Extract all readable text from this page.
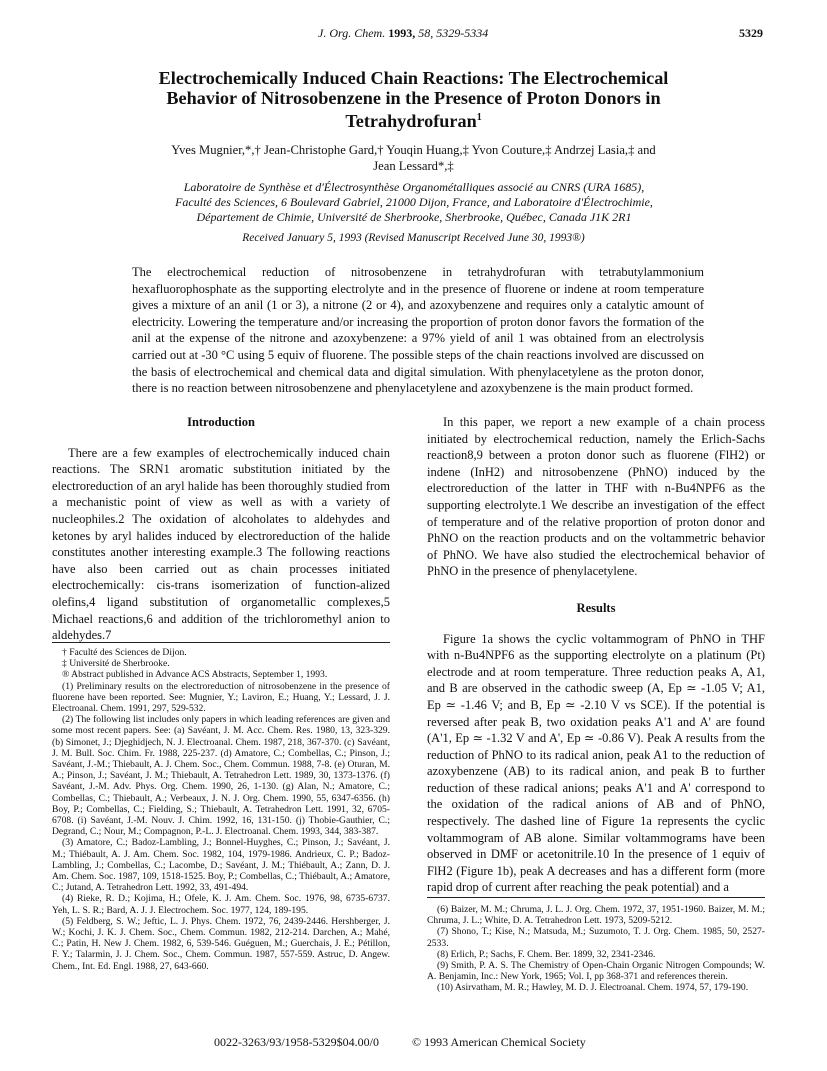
J. Org. Chem. 1993, 58, 5329-5334	5329
Electrochemically Induced Chain Reactions: The Electrochemical
Behavior of Nitrosobenzene in the Presence of Proton Donors in
Tetrahydrofuran$^1$
Yves Mugnier,*,† Jean-Christophe Gard,† Youqin Huang,‡ Yvon Couture,‡ Andrzej Lasia,‡ and
Jean Lessard*,‡
Laboratoire de Synthèse et d'Électrosynthèse Organométalliques associé au CNRS (URA 1685),
Faculté des Sciences, 6 Boulevard Gabriel, 21000 Dijon, France, and Laboratoire d'Électrochimie,
Département de Chimie, Université de Sherbrooke, Sherbrooke, Québec, Canada J1K 2R1
Received January 5, 1993 (Revised Manuscript Received June 30, 1993®)
The electrochemical reduction of nitrosobenzene in tetrahydrofuran with tetrabutylammonium hexafluorophosphate as the supporting electrolyte and in the presence of fluorene or indene at room temperature gives a mixture of an anil (1 or 3), a nitrone (2 or 4), and azoxybenzene and requires only a catalytic amount of electricity. Lowering the temperature and/or increasing the proportion of proton donor favors the formation of the anil at the expense of the nitrone and azoxybenzene: a 97% yield of anil 1 was obtained from an electrolysis carried out at -30 °C using 5 equiv of fluorene. The possible steps of the chain reactions involved are discussed on the basis of electrochemical and chemical data and digital simulation. With phenylacetylene as the proton donor, there is no reaction between nitrosobenzene and phenylacetylene and azoxybenzene is the main product formed.
Introduction

There are a few examples of electrochemically induced chain reactions. The SRN1 aromatic substitution initiated by the electroreduction of an aryl halide has been thoroughly studied from a mechanistic point of view as well as with a variety of nucleophiles.2 The oxidation of alcoholates to aldehydes and ketones by aryl halides induced by electroreduction of the halide constitutes another interesting example.3 The following reactions have also been carried out as chain processes initiated electrochemically: cis-trans isomerization of function-alized olefins,4 ligand substitution of organometallic complexes,5 Michael reactions,6 and addition of the trichloromethyl anion to aldehydes.7

† Faculté des Sciences de Dijon.

‡ Université de Sherbrooke.

® Abstract published in Advance ACS Abstracts, September 1, 1993.

(1) Preliminary results on the electroreduction of nitrosobenzene in the presence of fluorene have been reported. See: Mugnier, Y.; Laviron, E.; Huang, Y.; Lessard, J. J. Electroanal. Chem. 1991, 297, 529-532.

(2) The following list includes only papers in which leading references are given and some most recent papers. See: (a) Savéant, J. M. Acc. Chem. Res. 1980, 13, 323-329. (b) Simonet, J.; Djeghidjech, N. J. Electroanal. Chem. 1987, 218, 367-370. (c) Savéant, J. M. Bull. Soc. Chim. Fr. 1988, 225-237. (d) Amatore, C.; Combellas, C.; Pinson, J.; Savéant, J.-M.; Thiebault, A. J. Chem. Soc., Chem. Commun. 1988, 7-8. (e) Oturan, M. A.; Pinson, J.; Savéant, J. M.; Thiebault, A. Tetrahedron Lett. 1989, 30, 1373-1376. (f) Savéant, J.-M. Adv. Phys. Org. Chem. 1990, 26, 1-130. (g) Alan, N.; Amatore, C.; Combellas, C.; Thiebault, A.; Verbeaux, J. N. J. Org. Chem. 1990, 55, 6347-6356. (h) Boy, P.; Combellas, C.; Fielding, S.; Thiebault, A. Tetrahedron Lett. 1991, 32, 6705-6708. (i) Savéant, J.-M. Nouv. J. Chim. 1992, 16, 131-150. (j) Thobie-Gauthier, C.; Degrand, C.; Nour, M.; Compagnon, P.-L. J. Electroanal. Chem. 1993, 344, 383-387.

(3) Amatore, C.; Badoz-Lambling, J.; Bonnel-Huyghes, C.; Pinson, J.; Savéant, J. M.; Thiébault, A. J. Am. Chem. Soc. 1982, 104, 1979-1986. Andrieux, C. P.; Badoz-Lambling, J.; Combellas, C.; Lacombe, D.; Savéant, J. M.; Thiébault, A.; Zann, D. J. Am. Chem. Soc. 1987, 109, 1518-1525. Boy, P.; Combellas, C.; Thiébault, A.; Amatore, C.; Jutand, A. Tetrahedron Lett. 1992, 33, 491-494.

(4) Rieke, R. D.; Kojima, H.; Ofele, K. J. Am. Chem. Soc. 1976, 98, 6735-6737. Yeh, L. S. R.; Bard, A. J. J. Electrochem. Soc. 1977, 124, 189-195.

(5) Feldberg, S. W.; Jeftic, L. J. Phys. Chem. 1972, 76, 2439-2446. Hershberger, J. W.; Kochi, J. K. J. Chem. Soc., Chem. Commun. 1982, 212-214. Darchen, A.; Mahé, C.; Patin, H. New J. Chem. 1982, 6, 539-546. Guéguen, M.; Guerchais, J. E.; Pétillon, F. Y.; Talarmin, J. J. Chem. Soc., Chem. Commun. 1987, 557-559. Astruc, D. Angew. Chem., Int. Ed. Engl. 1988, 27, 643-660.

In this paper, we report a new example of a chain process initiated by electrochemical reduction, namely the Erlich-Sachs reaction8,9 between a proton donor such as fluorene (FlH2) or indene (InH2) and nitrosobenzene (PhNO) induced by the electroreduction of the latter in THF with n-Bu4NPF6 as the supporting electrolyte.1 We describe an investigation of the effect of temperature and of the relative proportion of proton donor and PhNO on the reaction products and on the voltammetric behavior of PhNO. We have also studied the electrochemical behavior of PhNO in the presence of phenylacetylene.

Results

Figure 1a shows the cyclic voltammogram of PhNO in THF with n-Bu4NPF6 as the supporting electrolyte on a platinum (Pt) electrode and at room temperature. Three reduction peaks A, A1, and B are observed in the cathodic sweep (A, Ep ≃ -1.05 V; A1, Ep ≃ -1.46 V; and B, Ep ≃ -2.10 V vs SCE). If the potential is reversed after peak B, two oxidation peaks A'1 and A' are found (A'1, Ep ≃ -1.32 V and A', Ep ≃ -0.86 V). Peak A results from the reduction of PhNO to its radical anion, peak A1 to the reduction of azoxybenzene (AB) to its radical anion, and peak B to further reduction of these radical anions; peaks A'1 and A' correspond to the oxidation of the radical anions of AB and of PhNO, respectively. The dashed line of Figure 1a represents the cyclic voltammogram of AB alone. Similar voltammograms have been observed in DMF or acetonitrile.10 In the presence of 1 equiv of FlH2 (Figure 1b), peak A decreases and has a different form (more rapid drop of current after reaching the peak potential) and a

(6) Baizer, M. M.; Chruma, J. L. J. Org. Chem. 1972, 37, 1951-1960. Baizer, M. M.; Chruma, J. L.; White, D. A. Tetrahedron Lett. 1973, 5209-5212.

(7) Shono, T.; Kise, N.; Matsuda, M.; Suzumoto, T. J. Org. Chem. 1985, 50, 2527-2533.

(8) Erlich, P.; Sachs, F. Chem. Ber. 1899, 32, 2341-2346.

(9) Smith, P. A. S. The Chemistry of Open-Chain Organic Nitrogen Compounds; W. A. Benjamin, Inc.: New York, 1965; Vol. I, pp 368-371 and references therein.

(10) Asirvatham, M. R.; Hawley, M. D. J. Electroanal. Chem. 1974, 57, 179-190.

0022-3263/93/1958-5329$04.00/0	© 1993 American Chemical Society
